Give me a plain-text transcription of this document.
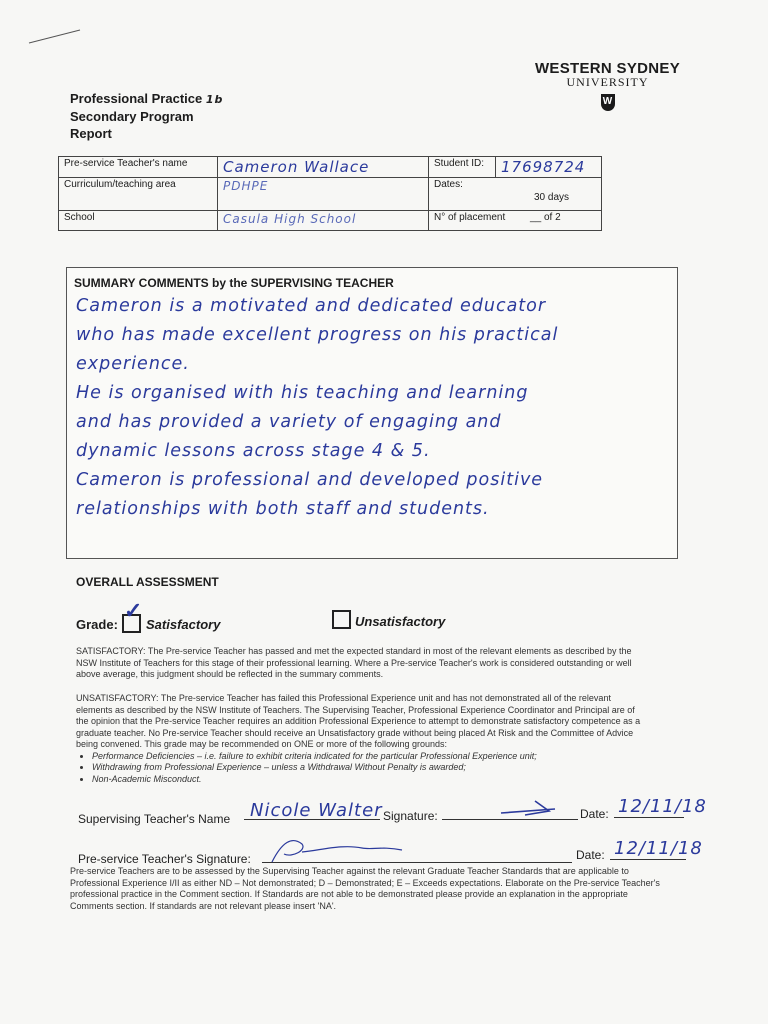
Professional Practice 1b
Secondary Program
Report
WESTERN SYDNEY
UNIVERSITY
W
Pre-service Teacher's name	Cameron Wallace	Student ID:	17698724
Curriculum/teaching area	PDHPE	Dates:
30 days	

School	Casula High School	N° of placement __ of 2	
SUMMARY COMMENTS by the SUPERVISING TEACHER
Cameron is a motivated and dedicated educator
who has made excellent progress on his practical
experience.
He is organised with his teaching and learning
and has provided a variety of engaging and
dynamic lessons across stage 4 & 5.
Cameron is professional and developed positive
relationships with both staff and students.
OVERALL ASSESSMENT
Grade:
✓
Satisfactory	Unsatisfactory
SATISFACTORY: The Pre-service Teacher has passed and met the expected standard in most of the relevant elements as described by the NSW Institute of Teachers for this stage of their professional learning. Where a Pre-service Teacher's work is considered outstanding or well above average, this judgment should be reflected in the summary comments.
UNSATISFACTORY: The Pre-service Teacher has failed this Professional Experience unit and has not demonstrated all of the relevant elements as described by the NSW Institute of Teachers. The Supervising Teacher, Professional Experience Coordinator and Principal are of the opinion that the Pre-service Teacher requires an addition Professional Experience to attempt to demonstrate satisfactory competence as a graduate teacher. No Pre-service Teacher should receive an Unsatisfactory grade without being placed At Risk and the Committee of Advice being convened. This grade may be recommended on ONE or more of the following grounds:
• Performance Deficiencies – i.e. failure to exhibit criteria indicated for the particular Professional Experience unit;
• Withdrawing from Professional Experience – unless a Withdrawal Without Penalty is awarded;
• Non-Academic Misconduct.
Supervising Teacher's Name Nicole Walter Signature:	Date: 12/11/18
Pre-service Teacher's Signature:	Date: 12/11/18
Pre-service Teachers are to be assessed by the Supervising Teacher against the relevant Graduate Teacher Standards that are applicable to Professional Experience I/II as either ND – Not demonstrated; D – Demonstrated; E – Exceeds expectations. Elaborate on the Pre-service Teacher's professional practice in the Comment section. If Standards are not able to be demonstrated please provide an explanation in the appropriate Comments section. If standards are not relevant please insert 'NA'.
